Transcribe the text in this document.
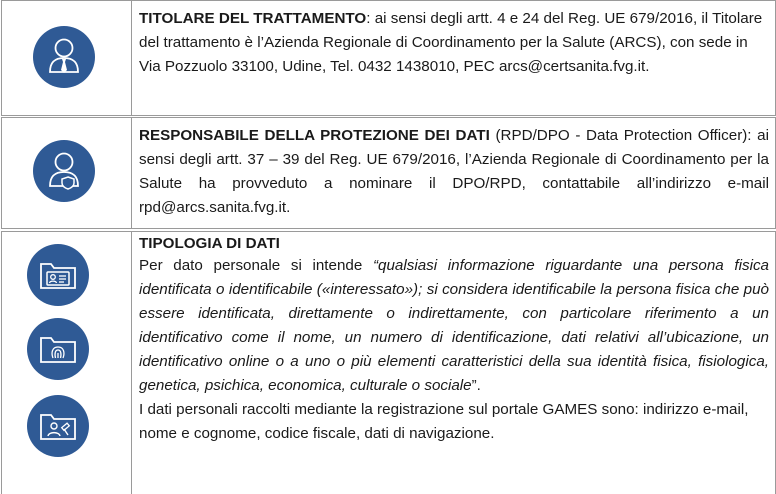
TITOLARE DEL TRATTAMENTO: ai sensi degli artt. 4 e 24 del Reg. UE 679/2016, il Titolare del trattamento è l’Azienda Regionale di Coordinamento per la Salute (ARCS), con sede in Via Pozzuolo 33100, Udine, Tel. 0432 1438010, PEC arcs@certsanita.fvg.it.
RESPONSABILE DELLA PROTEZIONE DEI DATI (RPD/DPO - Data Protection Officer): ai sensi degli artt. 37 – 39 del Reg. UE 679/2016, l’Azienda Regionale di Coordinamento per la Salute ha provveduto a nominare il DPO/RPD, contattabile all’indirizzo e-mail rpd@arcs.sanita.fvg.it.
TIPOLOGIA DI DATI
Per dato personale si intende “qualsiasi informazione riguardante una persona fisica identificata o identificabile («interessato»); si considera identificabile la persona fisica che può essere identificata, direttamente o indirettamente, con particolare riferimento a un identificativo come il nome, un numero di identificazione, dati relativi all’ubicazione, un identificativo online o a uno o più elementi caratteristici della sua identità fisica, fisiologica, genetica, psichica, economica, culturale o sociale”.
I dati personali raccolti mediante la registrazione sul portale GAMES sono: indirizzo e-mail, nome e cognome, codice fiscale, dati di navigazione.
